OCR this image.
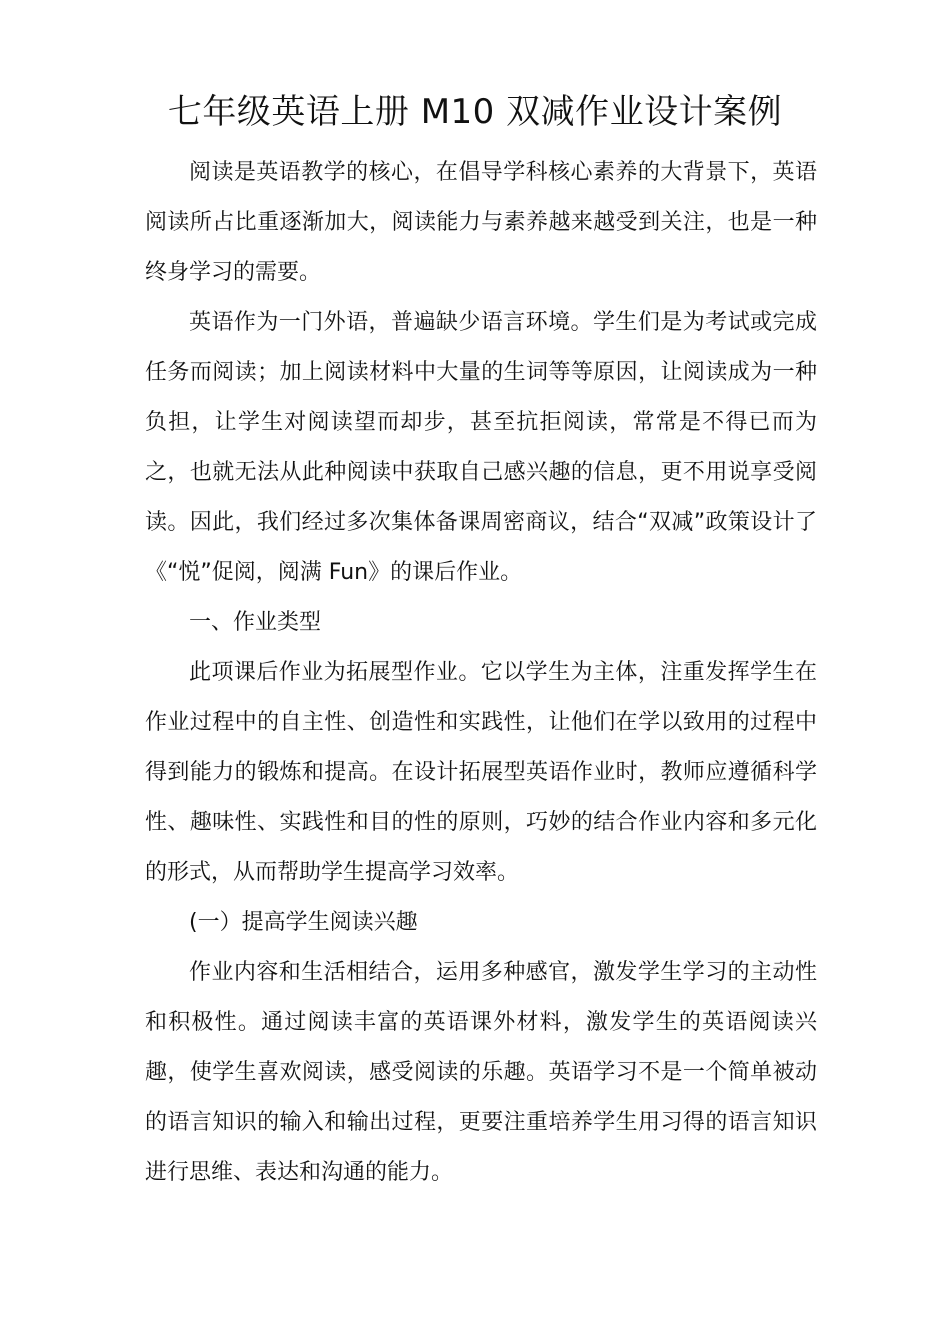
七年级英语上册 M10 双减作业设计案例

阅读是英语教学的核心，在倡导学科核心素养的大背景下，英语阅读所占比重逐渐加大，阅读能力与素养越来越受到关注，也是一种终身学习的需要。

英语作为一门外语，普遍缺少语言环境。学生们是为考试或完成任务而阅读；加上阅读材料中大量的生词等等原因，让阅读成为一种负担，让学生对阅读望而却步，甚至抗拒阅读，常常是不得已而为之，也就无法从此种阅读中获取自己感兴趣的信息，更不用说享受阅读。因此，我们经过多次集体备课周密商议，结合“双减”政策设计了《“悦”促阅，阅满 Fun》的课后作业。

一、作业类型

此项课后作业为拓展型作业。它以学生为主体，注重发挥学生在作业过程中的自主性、创造性和实践性，让他们在学以致用的过程中得到能力的锻炼和提高。在设计拓展型英语作业时，教师应遵循科学性、趣味性、实践性和目的性的原则，巧妙的结合作业内容和多元化的形式，从而帮助学生提高学习效率。

(一）提高学生阅读兴趣

作业内容和生活相结合，运用多种感官，激发学生学习的主动性和积极性。通过阅读丰富的英语课外材料，激发学生的英语阅读兴趣，使学生喜欢阅读，感受阅读的乐趣。英语学习不是一个简单被动的语言知识的输入和输出过程，更要注重培养学生用习得的语言知识进行思维、表达和沟通的能力。
